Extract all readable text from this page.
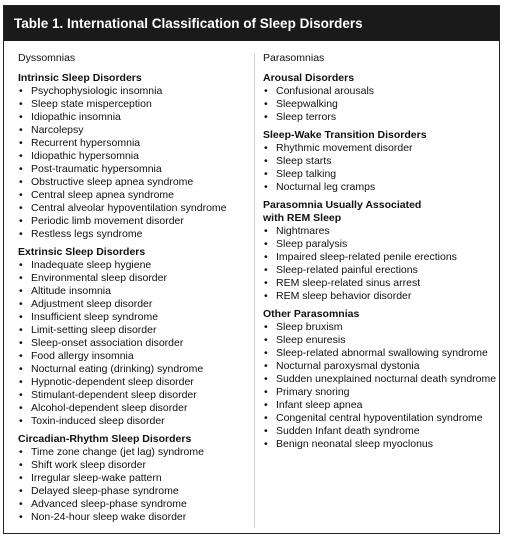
Table 1. International Classification of Sleep Disorders
Dyssomnias
Intrinsic Sleep Disorders
• Psychophysiologic insomnia
• Sleep state misperception
• Idiopathic insomnia
• Narcolepsy
• Recurrent hypersomnia
• Idiopathic hypersomnia
• Post-traumatic hypersomnia
• Obstructive sleep apnea syndrome
• Central sleep apnea syndrome
• Central alveolar hypoventilation syndrome
• Periodic limb movement disorder
• Restless legs syndrome
Extrinsic Sleep Disorders
• Inadequate sleep hygiene
• Environmental sleep disorder
• Altitude insomnia
• Adjustment sleep disorder
• Insufficient sleep syndrome
• Limit-setting sleep disorder
• Sleep-onset association disorder
• Food allergy insomnia
• Nocturnal eating (drinking) syndrome
• Hypnotic-dependent sleep disorder
• Stimulant-dependent sleep disorder
• Alcohol-dependent sleep disorder
• Toxin-induced sleep disorder
Circadian-Rhythm Sleep Disorders
• Time zone change (jet lag) syndrome
• Shift work sleep disorder
• Irregular sleep-wake pattern
• Delayed sleep-phase syndrome
• Advanced sleep-phase syndrome
• Non-24-hour sleep wake disorder
Parasomnias
Arousal Disorders
• Confusional arousals
• Sleepwalking
• Sleep terrors
Sleep-Wake Transition Disorders
• Rhythmic movement disorder
• Sleep starts
• Sleep talking
• Nocturnal leg cramps
Parasomnia Usually Associated
with REM Sleep
• Nightmares
• Sleep paralysis
• Impaired sleep-related penile erections
• Sleep-related painful erections
• REM sleep-related sinus arrest
• REM sleep behavior disorder
Other Parasomnias
• Sleep bruxism
• Sleep enuresis
• Sleep-related abnormal swallowing syndrome
• Nocturnal paroxysmal dystonia
• Sudden unexplained nocturnal death syndrome
• Primary snoring
• Infant sleep apnea
• Congenital central hypoventilation syndrome
• Sudden Infant death syndrome
• Benign neonatal sleep myoclonus
